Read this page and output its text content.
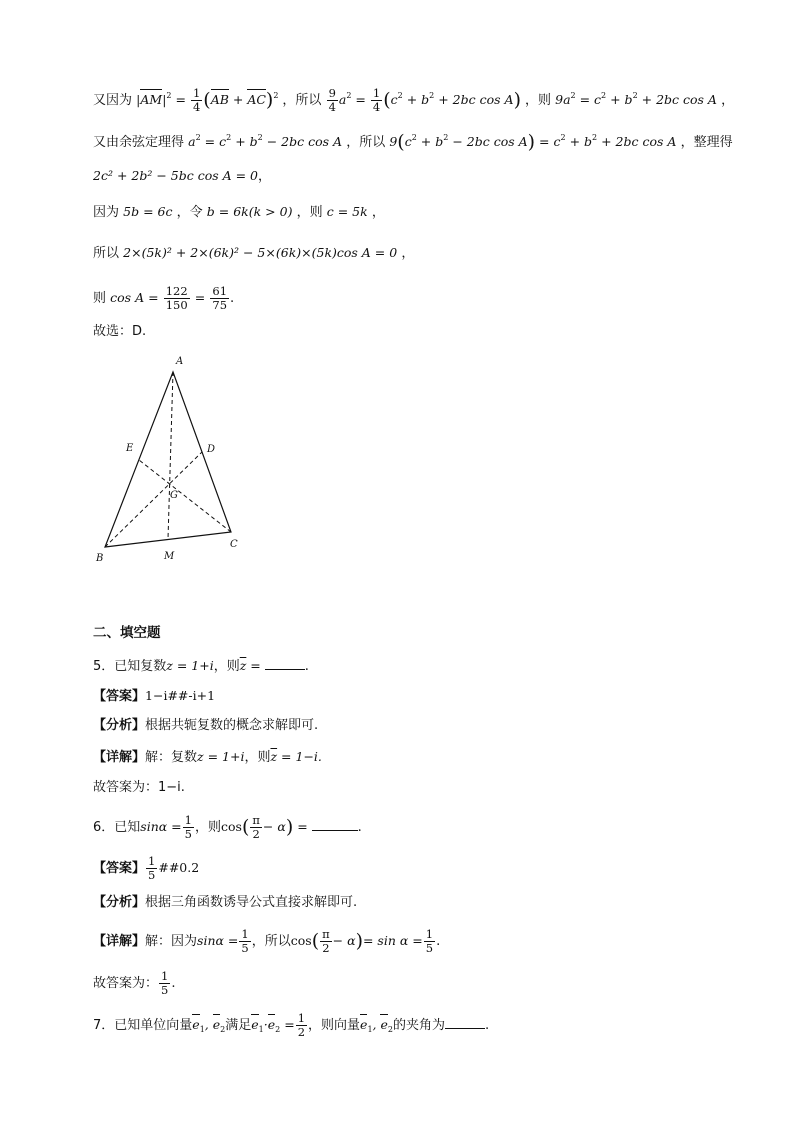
又因为 $|AM|^2 = \frac{1}{4} (AB + AC)^2$ ，所以 $\frac{9}{4} a^2 = \frac{1}{4} (c^2 + b^2 + 2bc$ cos A) ，则 $9a^2 = c^2 + b^2 + 2bc$ cos A ，
又由余弦定理得 $a^2 = c^2 + b^2 - 2bc$ cos A ，所以 $9(c^2 + b^2 - 2bc$ $\cos A) = c^2 + b^2 + 2bc$ cos A ，整理得
2c² + 2b² − 5bc cos A = 0，
因为 5b = 6c ，令 b = 6k(k > 0) ，则 c = 5k ，
所以 2×(5k)² + 2×(6k)² − 5×(6k)×(5k)cos A = 0 ，
则 $\cos A = \frac{122}{150} = \frac{61}{75}$ .
故选：D.
A
E	D
G
B	M
C
二、填空题
5．已知复数z = 1+i，则$\overline{z}$ =	.
【答案】1−i##-i+1
【分析】根据共轭复数的概念求解即可.
【详解】解：复数z = 1+i，则$\overline{z} = 1-i$.
故答案为：1−i.
6．已知$\sin\alpha = \frac{1}{5}$ ，则$\cos( \frac{\pi}{2} - \alpha)$ =	.
【答案】 $\frac{1}{5}$ ##0.2
【分析】根据三角函数诱导公式直接求解即可.
【详解】解：因为$\sin\alpha = \frac{1}{5}$ ，所以$\cos( \frac{\pi}{2} - \alpha)= \sin \alpha = \frac{1}{5}$ .
故答案为： $\frac{1}{5}$ .
7．已知单位向量$e_1$, $e_2$满足$e_1\cdot e_2 = \frac{1}{2}$ ，则向量$e_1$, $e_2$的夹角为	.
